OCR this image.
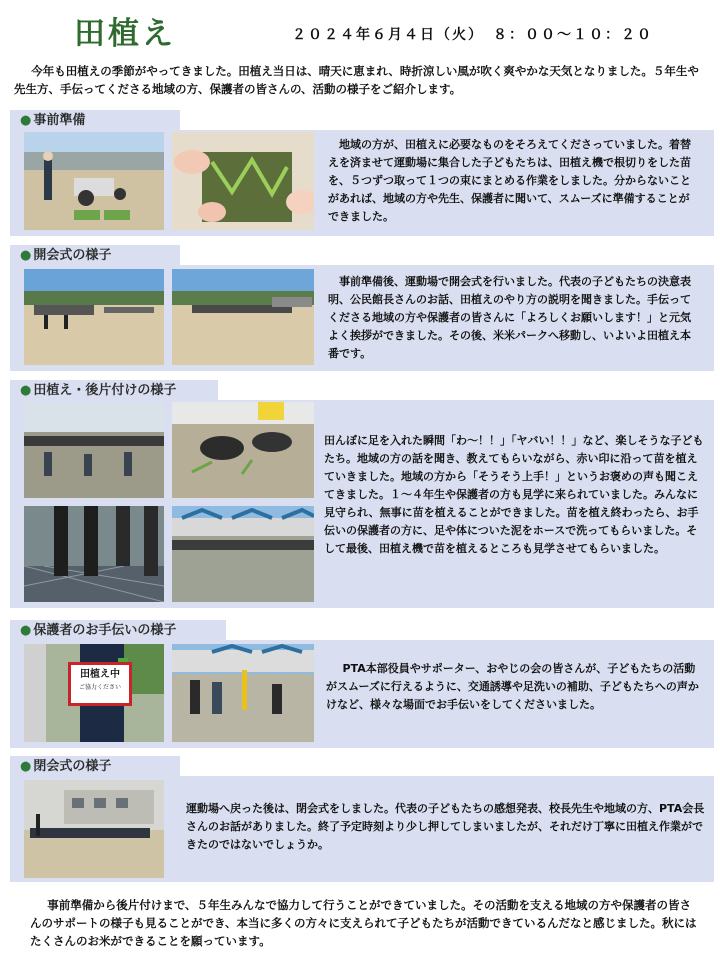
田植え	２０２４年６月４日（火）　８：００～１０：２０
今年も田植えの季節がやってきました。田植え当日は、晴天に恵まれ、時折涼しい風が吹く爽やかな天気となりました。５年生や先生方、手伝ってくださる地域の方、保護者の皆さんの、活動の様子をご紹介します。
● 事前準備
地域の方が、田植えに必要なものをそろえてくださっていました。着替えを済ませて運動場に集合した子どもたちは、田植え機で根切りをした苗を、５つずつ取って１つの束にまとめる作業をしました。分からないことがあれば、地域の方や先生、保護者に聞いて、スムーズに準備することができました。
● 開会式の様子
事前準備後、運動場で開会式を行いました。代表の子どもたちの決意表明、公民館長さんのお話、田植えのやり方の説明を聞きました。手伝ってくださる地域の方や保護者の皆さんに「よろしくお願いします！」と元気よく挨拶ができました。その後、米米パークへ移動し、いよいよ田植え本番です。
● 田植え・後片付けの様子
田んぼに足を入れた瞬間「わ～！！」「ヤバい！！」など、楽しそうな子どもたち。地域の方の話を聞き、教えてもらいながら、赤い印に沿って苗を植えていきました。地域の方から「そうそう上手！」というお褒めの声も聞こえてきました。１～４年生や保護者の方も見学に来られていました。みんなに見守られ、無事に苗を植えることができました。苗を植え終わったら、お手伝いの保護者の方に、足や体についた泥をホースで洗ってもらいました。そして最後、田植え機で苗を植えるところも見学させてもらいました。
● 保護者のお手伝いの様子
田植え中
ご協力ください
PTA本部役員やサポーター、おやじの会の皆さんが、子どもたちの活動がスムーズに行えるように、交通誘導や足洗いの補助、子どもたちへの声かけなど、様々な場面でお手伝いをしてくださいました。
● 閉会式の様子
運動場へ戻った後は、閉会式をしました。代表の子どもたちの感想発表、校長先生や地域の方、PTA会長さんのお話がありました。終了予定時刻より少し押してしまいましたが、それだけ丁寧に田植え作業ができたのではないでしょうか。
事前準備から後片付けまで、５年生みんなで協力して行うことができていました。その活動を支える地域の方や保護者の皆さんのサポートの様子も見ることができ、本当に多くの方々に支えられて子どもたちが活動できているんだなと感じました。秋にはたくさんのお米ができることを願っています。
